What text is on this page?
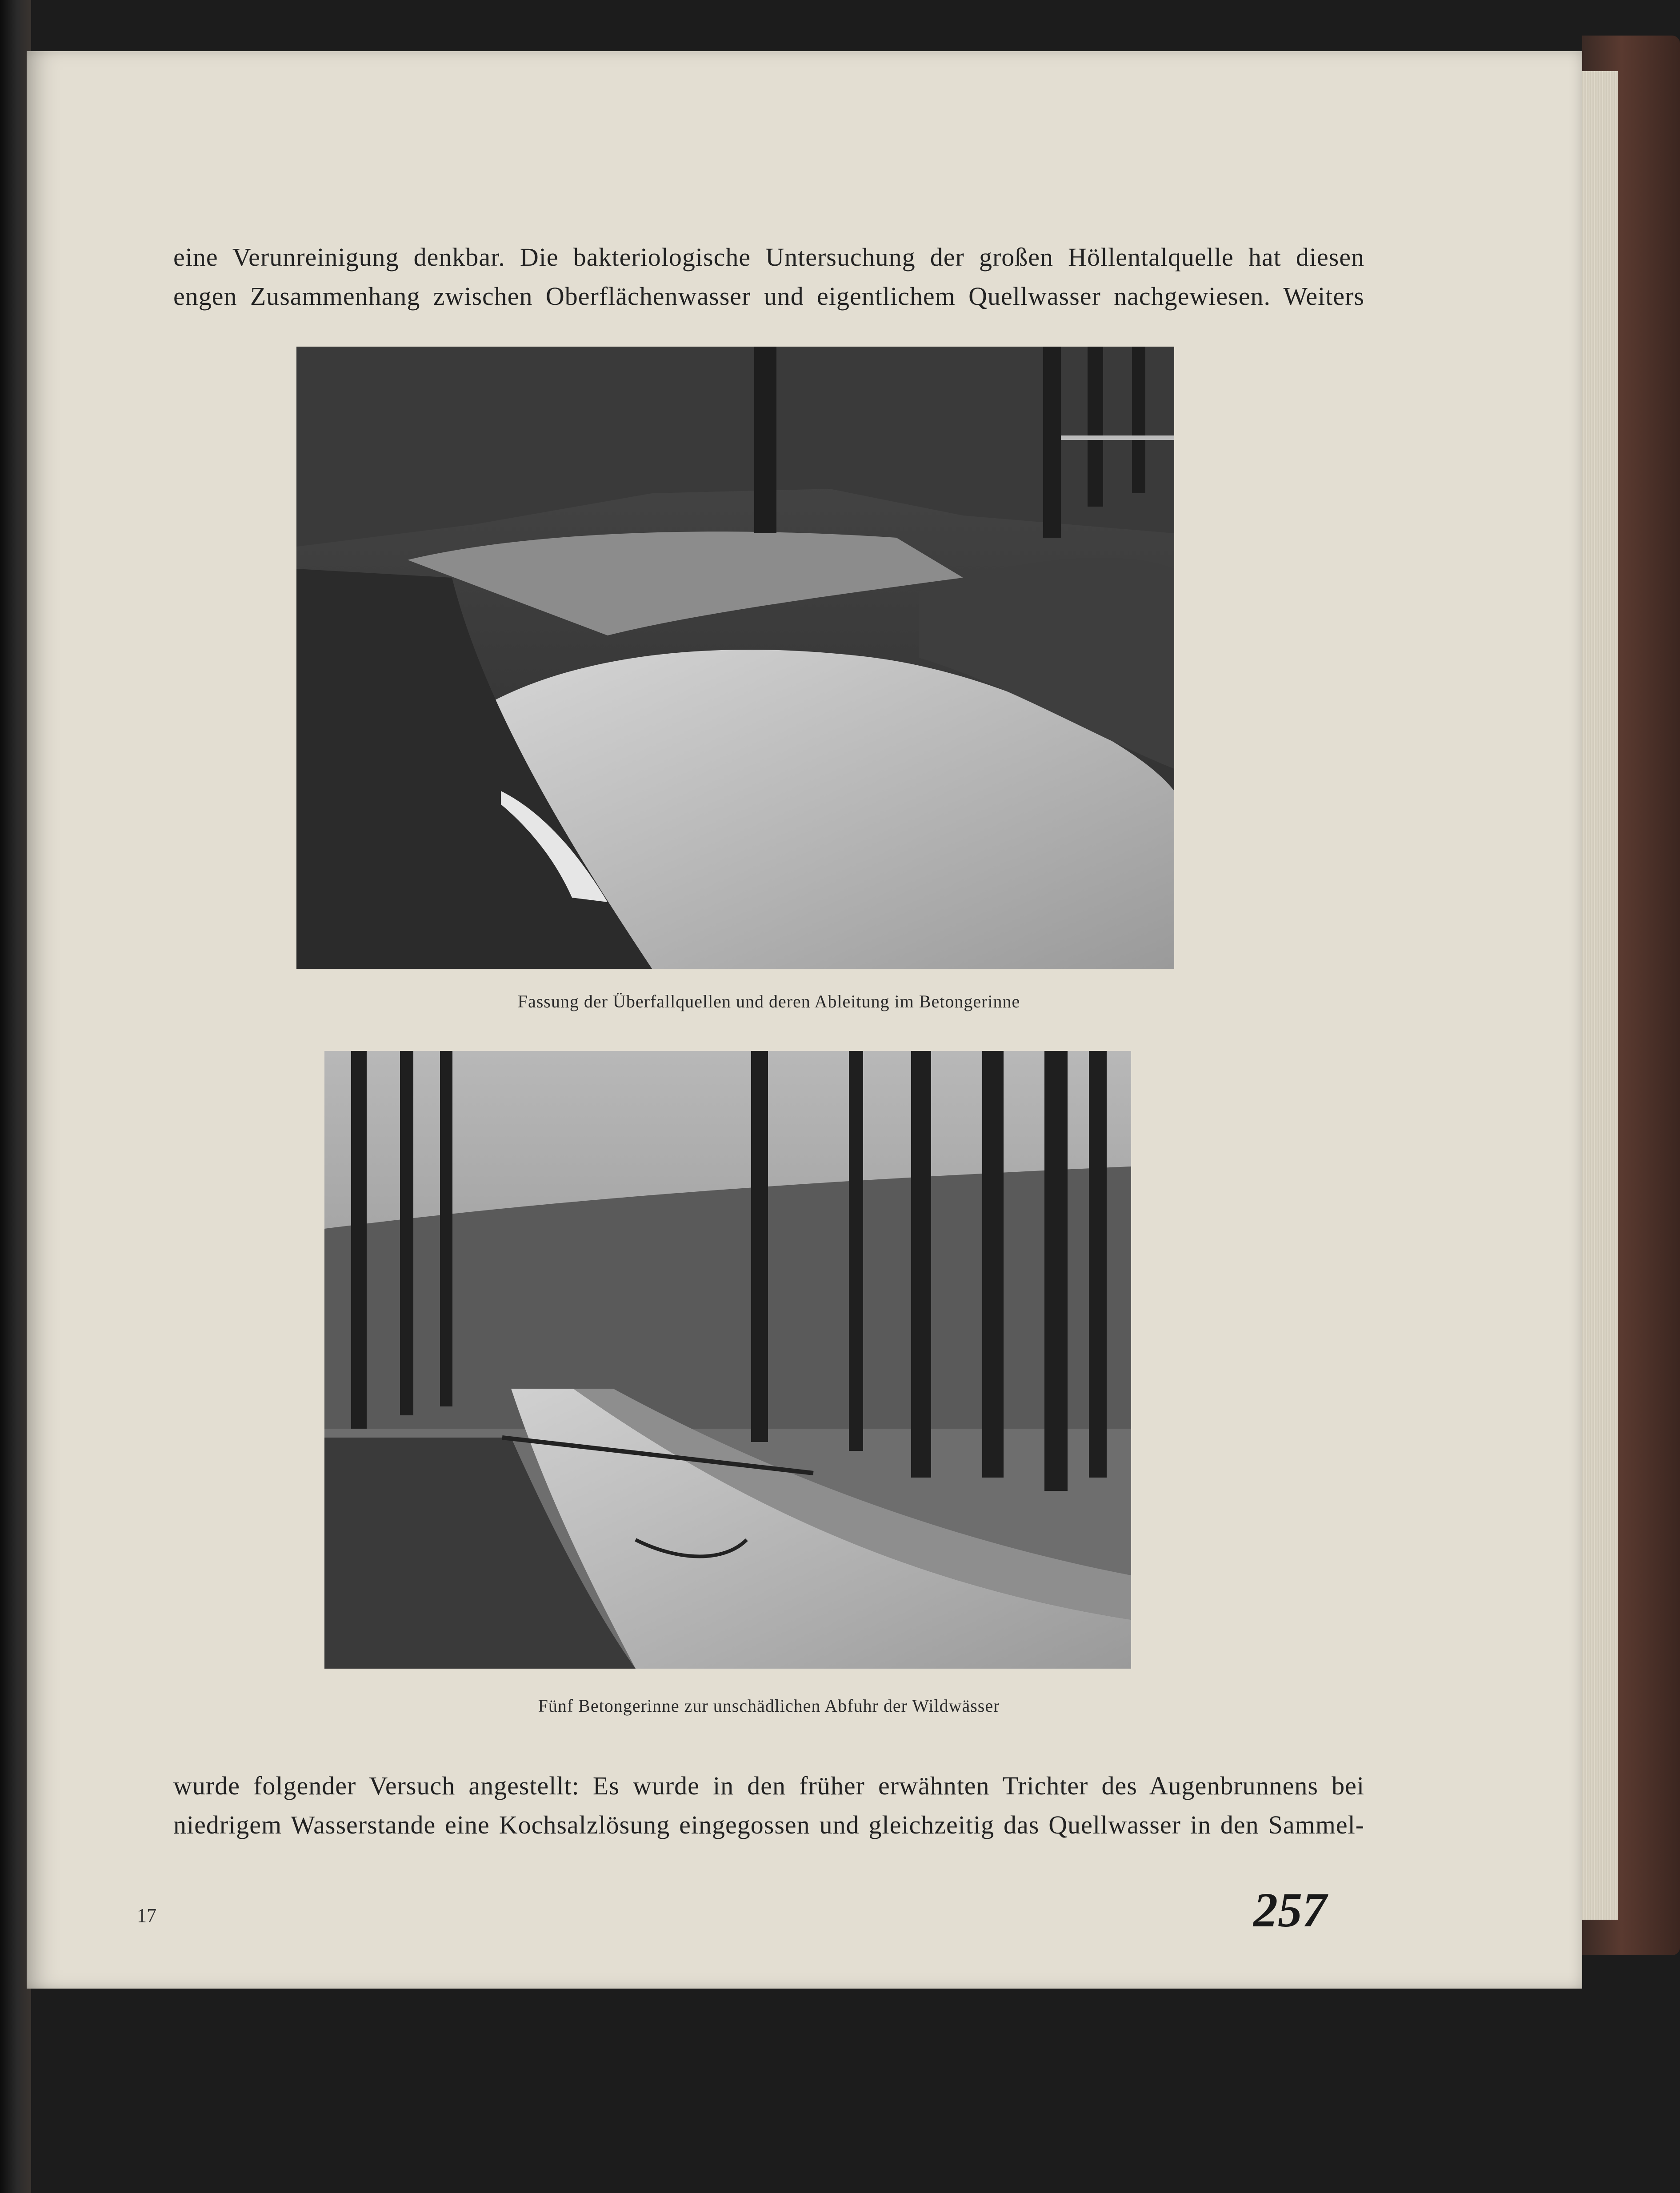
eine Verunreinigung denkbar. Die bakteriologische Untersuchung der großen Höllentalquelle hat diesen
engen Zusammenhang zwischen Oberflächenwasser und eigentlichem Quellwasser nachgewiesen. Weiters
Fassung der Überfallquellen und deren Ableitung im Betongerinne
Fünf Betongerinne zur unschädlichen Abfuhr der Wildwässer
wurde folgender Versuch angestellt: Es wurde in den früher erwähnten Trichter des Augenbrunnens bei
niedrigem Wasserstande eine Kochsalzlösung eingegossen und gleichzeitig das Quellwasser in den Sammel-
17	257
